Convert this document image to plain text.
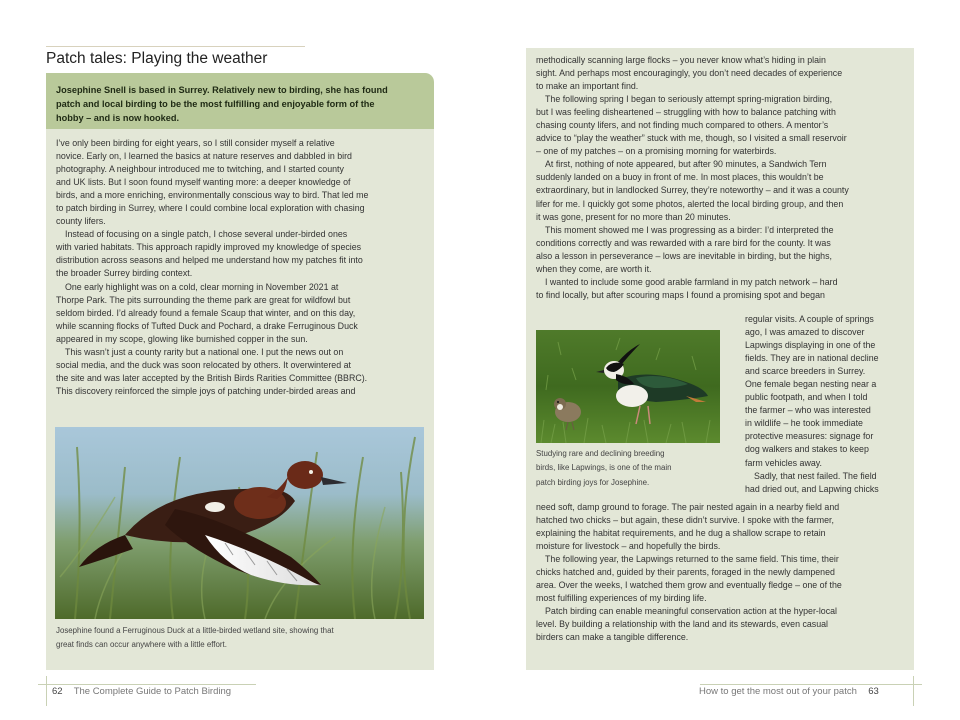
Patch tales: Playing the weather
Josephine Snell is based in Surrey. Relatively new to birding, she has found
patch and local birding to be the most fulfilling and enjoyable form of the
hobby – and is now hooked.
I’ve only been birding for eight years, so I still consider myself a relative
novice. Early on, I learned the basics at nature reserves and dabbled in bird
photography. A neighbour introduced me to twitching, and I started county
and UK lists. But I soon found myself wanting more: a deeper knowledge of
birds, and a more enriching, environmentally conscious way to bird. That led me
to patch birding in Surrey, where I could combine local exploration with chasing
county lifers.
Instead of focusing on a single patch, I chose several under-birded ones
with varied habitats. This approach rapidly improved my knowledge of species
distribution across seasons and helped me understand how my patches fit into
the broader Surrey birding context.
One early highlight was on a cold, clear morning in November 2021 at
Thorpe Park. The pits surrounding the theme park are great for wildfowl but
seldom birded. I’d already found a female Scaup that winter, and on this day,
while scanning flocks of Tufted Duck and Pochard, a drake Ferruginous Duck
appeared in my scope, glowing like burnished copper in the sun.
This wasn’t just a county rarity but a national one. I put the news out on
social media, and the duck was soon relocated by others. It overwintered at
the site and was later accepted by the British Birds Rarities Committee (BBRC).
This discovery reinforced the simple joys of patching under-birded areas and
Josephine found a Ferruginous Duck at a little-birded wetland site, showing that
great finds can occur anywhere with a little effort.
62 The Complete Guide to Patch Birding
methodically scanning large flocks – you never know what’s hiding in plain
sight. And perhaps most encouragingly, you don’t need decades of experience
to make an important find.
The following spring I began to seriously attempt spring-migration birding,
but I was feeling disheartened – struggling with how to balance patching with
chasing county lifers, and not finding much compared to others. A mentor’s
advice to “play the weather” stuck with me, though, so I visited a small reservoir
– one of my patches – on a promising morning for waterbirds.
At first, nothing of note appeared, but after 90 minutes, a Sandwich Tern
suddenly landed on a buoy in front of me. In most places, this wouldn’t be
extraordinary, but in landlocked Surrey, they’re noteworthy – and it was a county
lifer for me. I quickly got some photos, alerted the local birding group, and then
it was gone, present for no more than 20 minutes.
This moment showed me I was progressing as a birder: I’d interpreted the
conditions correctly and was rewarded with a rare bird for the county. It was
also a lesson in perseverance – lows are inevitable in birding, but the highs,
when they come, are worth it.
I wanted to include some good arable farmland in my patch network – hard
to find locally, but after scouring maps I found a promising spot and began
Studying rare and declining breeding
birds, like Lapwings, is one of the main
patch birding joys for Josephine.
regular visits. A couple of springs
ago, I was amazed to discover
Lapwings displaying in one of the
fields. They are in national decline
and scarce breeders in Surrey.
One female began nesting near a
public footpath, and when I told
the farmer – who was interested
in wildlife – he took immediate
protective measures: signage for
dog walkers and stakes to keep
farm vehicles away.
Sadly, that nest failed. The field
had dried out, and Lapwing chicks
need soft, damp ground to forage. The pair nested again in a nearby field and
hatched two chicks – but again, these didn’t survive. I spoke with the farmer,
explaining the habitat requirements, and he dug a shallow scrape to retain
moisture for livestock – and hopefully the birds.
The following year, the Lapwings returned to the same field. This time, their
chicks hatched and, guided by their parents, foraged in the newly dampened
area. Over the weeks, I watched them grow and eventually fledge – one of the
most fulfilling experiences of my birding life.
Patch birding can enable meaningful conservation action at the hyper-local
level. By building a relationship with the land and its stewards, even casual
birders can make a tangible difference.
How to get the most out of your patch 63
